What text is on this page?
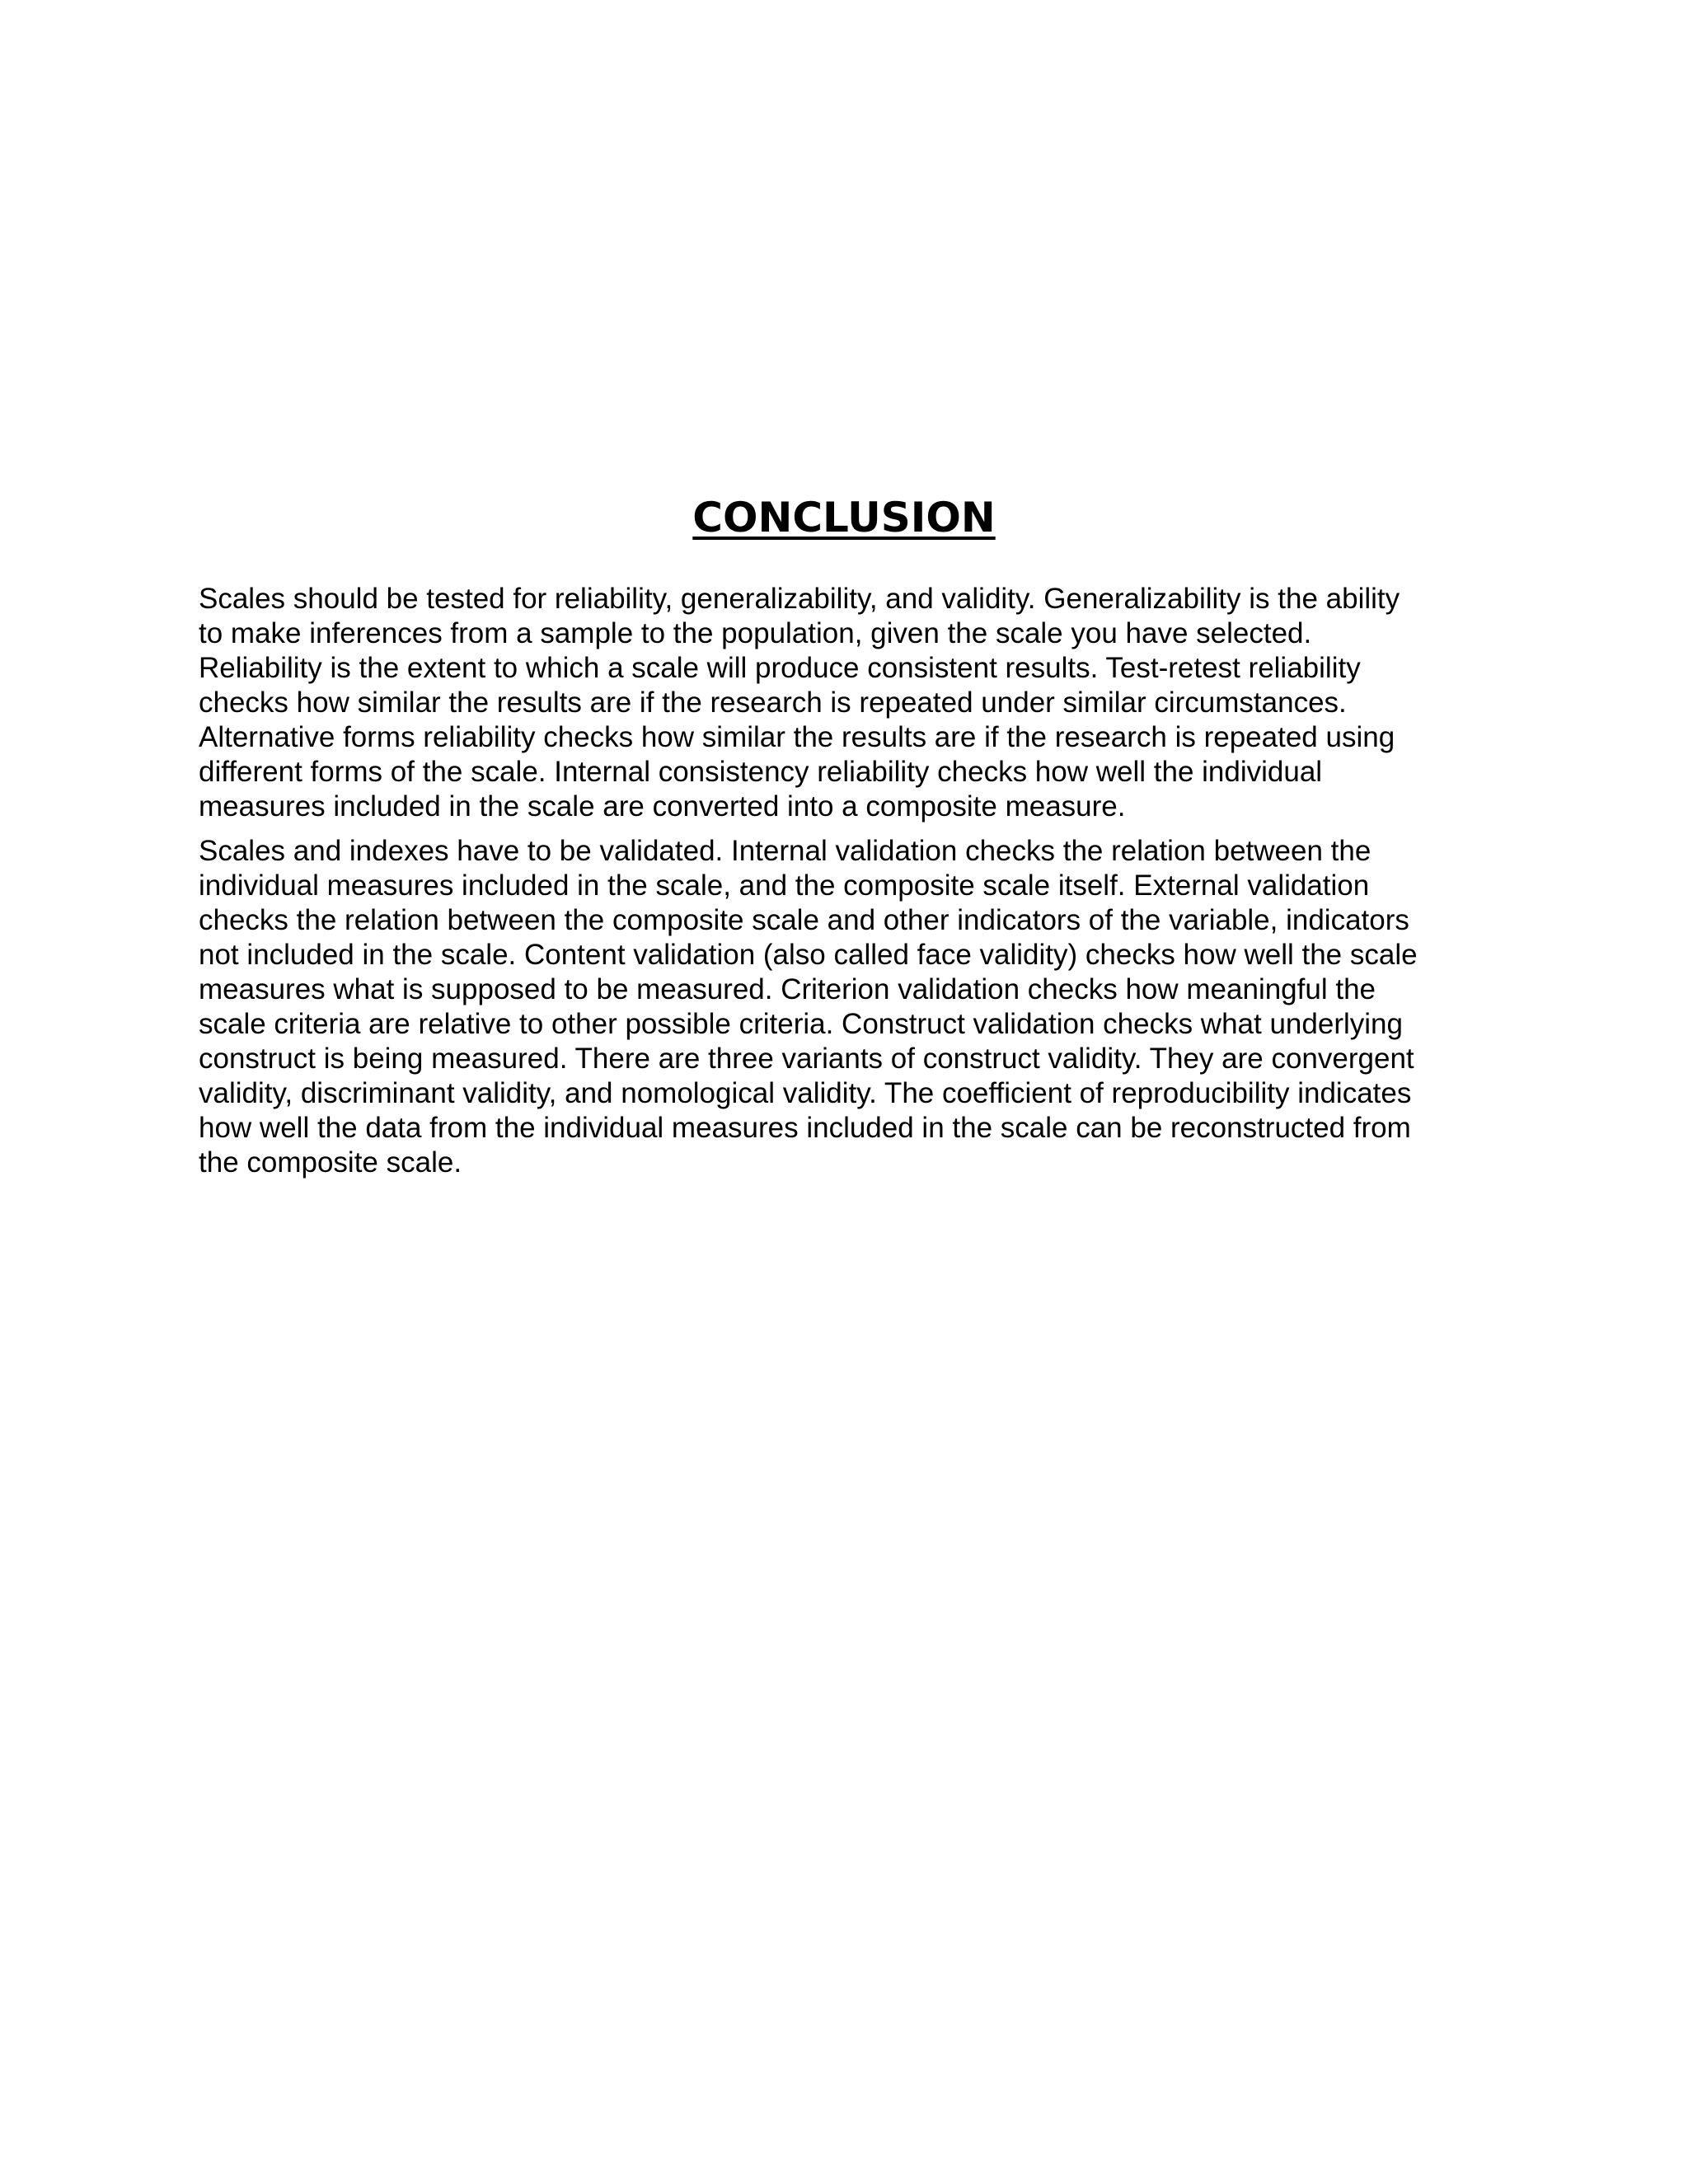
CONCLUSION

Scales should be tested for reliability, generalizability, and validity. Generalizability is the ability
to make inferences from a sample to the population, given the scale you have selected.
Reliability is the extent to which a scale will produce consistent results. Test-retest reliability
checks how similar the results are if the research is repeated under similar circumstances.
Alternative forms reliability checks how similar the results are if the research is repeated using
different forms of the scale. Internal consistency reliability checks how well the individual
measures included in the scale are converted into a composite measure.

Scales and indexes have to be validated. Internal validation checks the relation between the
individual measures included in the scale, and the composite scale itself. External validation
checks the relation between the composite scale and other indicators of the variable, indicators
not included in the scale. Content validation (also called face validity) checks how well the scale
measures what is supposed to be measured. Criterion validation checks how meaningful the
scale criteria are relative to other possible criteria. Construct validation checks what underlying
construct is being measured. There are three variants of construct validity. They are convergent
validity, discriminant validity, and nomological validity. The coefficient of reproducibility indicates
how well the data from the individual measures included in the scale can be reconstructed from
the composite scale.
